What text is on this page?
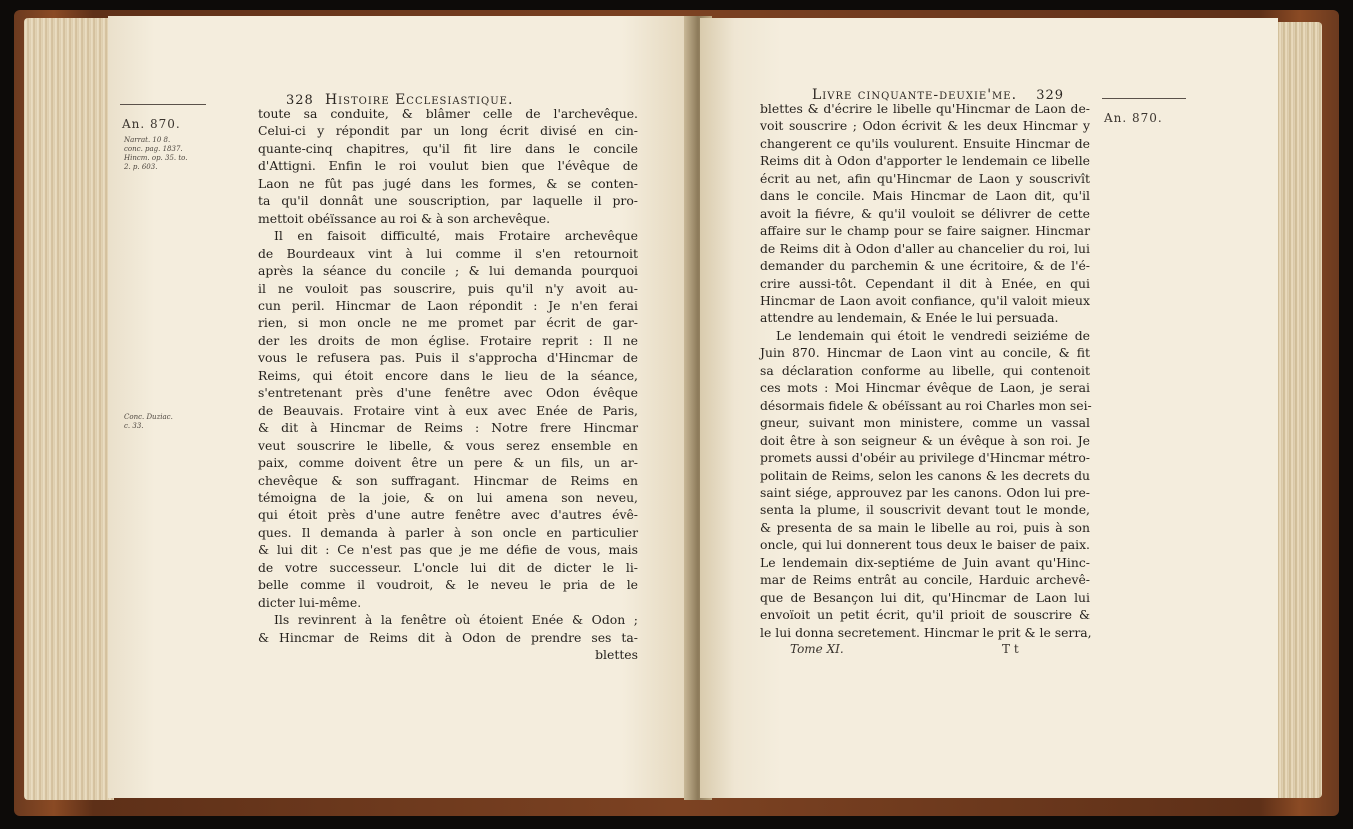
328 Histoire Ecclesiastique.
An. 870.
Narrat. 10 8.
conc. pag. 1837.
Hincm. op. 35. to.
2. p. 603.
Conc. Duziac.
c. 33.
toute sa conduite, & blâmer celle de l'archevêque.
Celui-ci y répondit par un long écrit divisé en cin-
quante-cinq chapitres, qu'il fit lire dans le concile
d'Attigni. Enfin le roi voulut bien que l'évêque de
Laon ne fût pas jugé dans les formes, & se conten-
ta qu'il donnât une souscription, par laquelle il pro-
mettoit obéïssance au roi & à son archevêque.
Il en faisoit difficulté, mais Frotaire archevêque
de Bourdeaux vint à lui comme il s'en retournoit
après la séance du concile ; & lui demanda pourquoi
il ne vouloit pas souscrire, puis qu'il n'y avoit au-
cun peril. Hincmar de Laon répondit : Je n'en ferai
rien, si mon oncle ne me promet par écrit de gar-
der les droits de mon église. Frotaire reprit : Il ne
vous le refusera pas. Puis il s'approcha d'Hincmar de
Reims, qui étoit encore dans le lieu de la séance,
s'entretenant près d'une fenêtre avec Odon évêque
de Beauvais. Frotaire vint à eux avec Enée de Paris,
& dit à Hincmar de Reims : Notre frere Hincmar
veut souscrire le libelle, & vous serez ensemble en
paix, comme doivent être un pere & un fils, un ar-
chevêque & son suffragant. Hincmar de Reims en
témoigna de la joie, & on lui amena son neveu,
qui étoit près d'une autre fenêtre avec d'autres évê-
ques. Il demanda à parler à son oncle en particulier
& lui dit : Ce n'est pas que je me défie de vous, mais
de votre successeur. L'oncle lui dit de dicter le li-
belle comme il voudroit, & le neveu le pria de le
dicter lui-même.
Ils revinrent à la fenêtre où étoient Enée & Odon ;
& Hincmar de Reims dit à Odon de prendre ses ta-
blettes
Livre cinquante-deuxie'me. 329
An. 870.
blettes & d'écrire le libelle qu'Hincmar de Laon de-
voit souscrire ; Odon écrivit & les deux Hincmar y
changerent ce qu'ils voulurent. Ensuite Hincmar de
Reims dit à Odon d'apporter le lendemain ce libelle
écrit au net, afin qu'Hincmar de Laon y souscrivît
dans le concile. Mais Hincmar de Laon dit, qu'il
avoit la fiévre, & qu'il vouloit se délivrer de cette
affaire sur le champ pour se faire saigner. Hincmar
de Reims dit à Odon d'aller au chancelier du roi, lui
demander du parchemin & une écritoire, & de l'é-
crire aussi-tôt. Cependant il dit à Enée, en qui
Hincmar de Laon avoit confiance, qu'il valoit mieux
attendre au lendemain, & Enée le lui persuada.
Le lendemain qui étoit le vendredi seiziéme de
Juin 870. Hincmar de Laon vint au concile, & fit
sa déclaration conforme au libelle, qui contenoit
ces mots : Moi Hincmar évêque de Laon, je serai
désormais fidele & obéïssant au roi Charles mon sei-
gneur, suivant mon ministere, comme un vassal
doit être à son seigneur & un évêque à son roi. Je
promets aussi d'obéir au privilege d'Hincmar métro-
politain de Reims, selon les canons & les decrets du
saint siége, approuvez par les canons. Odon lui pre-
senta la plume, il souscrivit devant tout le monde,
& presenta de sa main le libelle au roi, puis à son
oncle, qui lui donnerent tous deux le baiser de paix.
Le lendemain dix-septiéme de Juin avant qu'Hinc-
mar de Reims entrât au concile, Harduic archevê-
que de Besançon lui dit, qu'Hincmar de Laon lui
envoïoit un petit écrit, qu'il prioit de souscrire &
le lui donna secretement. Hincmar le prit & le serra,
Tome XI.	T t
